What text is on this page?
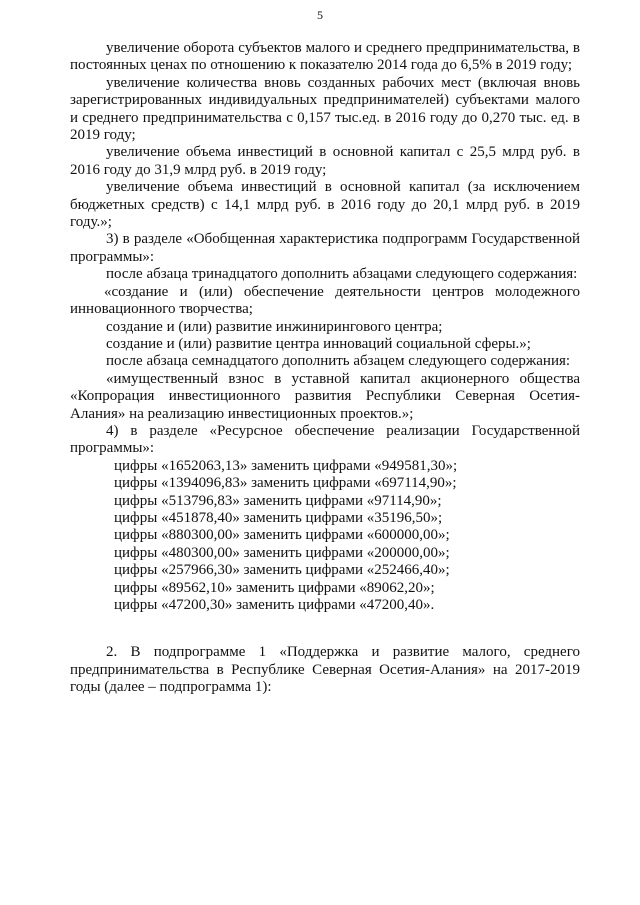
5

увеличение оборота субъектов малого и среднего предпринимательства, в постоянных ценах по отношению к показателю 2014 года до 6,5% в 2019 году;

увеличение количества вновь созданных рабочих мест (включая вновь зарегистрированных индивидуальных предпринимателей) субъектами малого и среднего предпринимательства с 0,157 тыс.ед. в 2016 году до 0,270 тыс. ед. в 2019 году;

увеличение объема инвестиций в основной капитал с 25,5 млрд руб. в 2016 году до 31,9 млрд руб. в 2019 году;

увеличение объема инвестиций в основной капитал (за исключением бюджетных средств) с 14,1 млрд руб. в 2016 году до 20,1 млрд руб. в 2019 году.»;

3) в разделе «Обобщенная характеристика подпрограмм Государственной программы»:

после абзаца тринадцатого дополнить абзацами следующего содержания:

«создание и (или) обеспечение деятельности центров молодежного инновационного творчества;

создание и (или) развитие инжинирингового центра;

создание и (или) развитие центра инноваций социальной сферы.»;

после абзаца семнадцатого дополнить абзацем следующего содержания:

«имущественный взнос в уставной капитал акционерного общества «Копрорация инвестиционного развития Республики Северная Осетия-Алания» на реализацию инвестиционных проектов.»;

4) в разделе «Ресурсное обеспечение реализации Государственной программы»:

цифры «1652063,13» заменить цифрами «949581,30»;

цифры «1394096,83» заменить цифрами «697114,90»;

цифры «513796,83» заменить цифрами «97114,90»;

цифры «451878,40» заменить цифрами «35196,50»;

цифры «880300,00» заменить цифрами «600000,00»;

цифры «480300,00» заменить цифрами «200000,00»;

цифры «257966,30» заменить цифрами «252466,40»;

цифры «89562,10» заменить цифрами «89062,20»;

цифры «47200,30» заменить цифрами «47200,40».

2. В подпрограмме 1 «Поддержка и развитие малого, среднего предпринимательства в Республике Северная Осетия-Алания» на 2017-2019 годы (далее – подпрограмма 1):
